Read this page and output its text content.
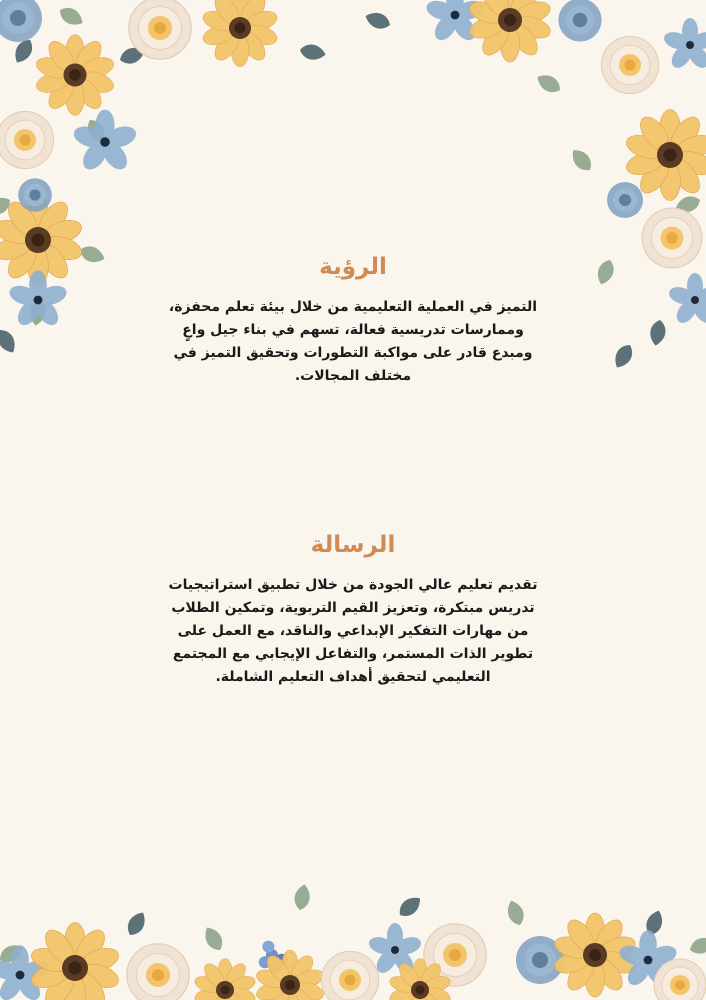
الرؤية

التميز في العملية التعليمية من خلال بيئة تعلم محفزة، وممارسات تدريسية فعالة، تسهم في بناء جيل واعٍ ومبدع قادر على مواكبة التطورات وتحقيق التميز في مختلف المجالات.

الرسالة

تقديم تعليم عالي الجودة من خلال تطبيق استراتيجيات تدريس مبتكرة، وتعزيز القيم التربوية، وتمكين الطلاب من مهارات التفكير الإبداعي والناقد، مع العمل على تطوير الذات المستمر، والتفاعل الإيجابي مع المجتمع التعليمي لتحقيق أهداف التعليم الشاملة.
